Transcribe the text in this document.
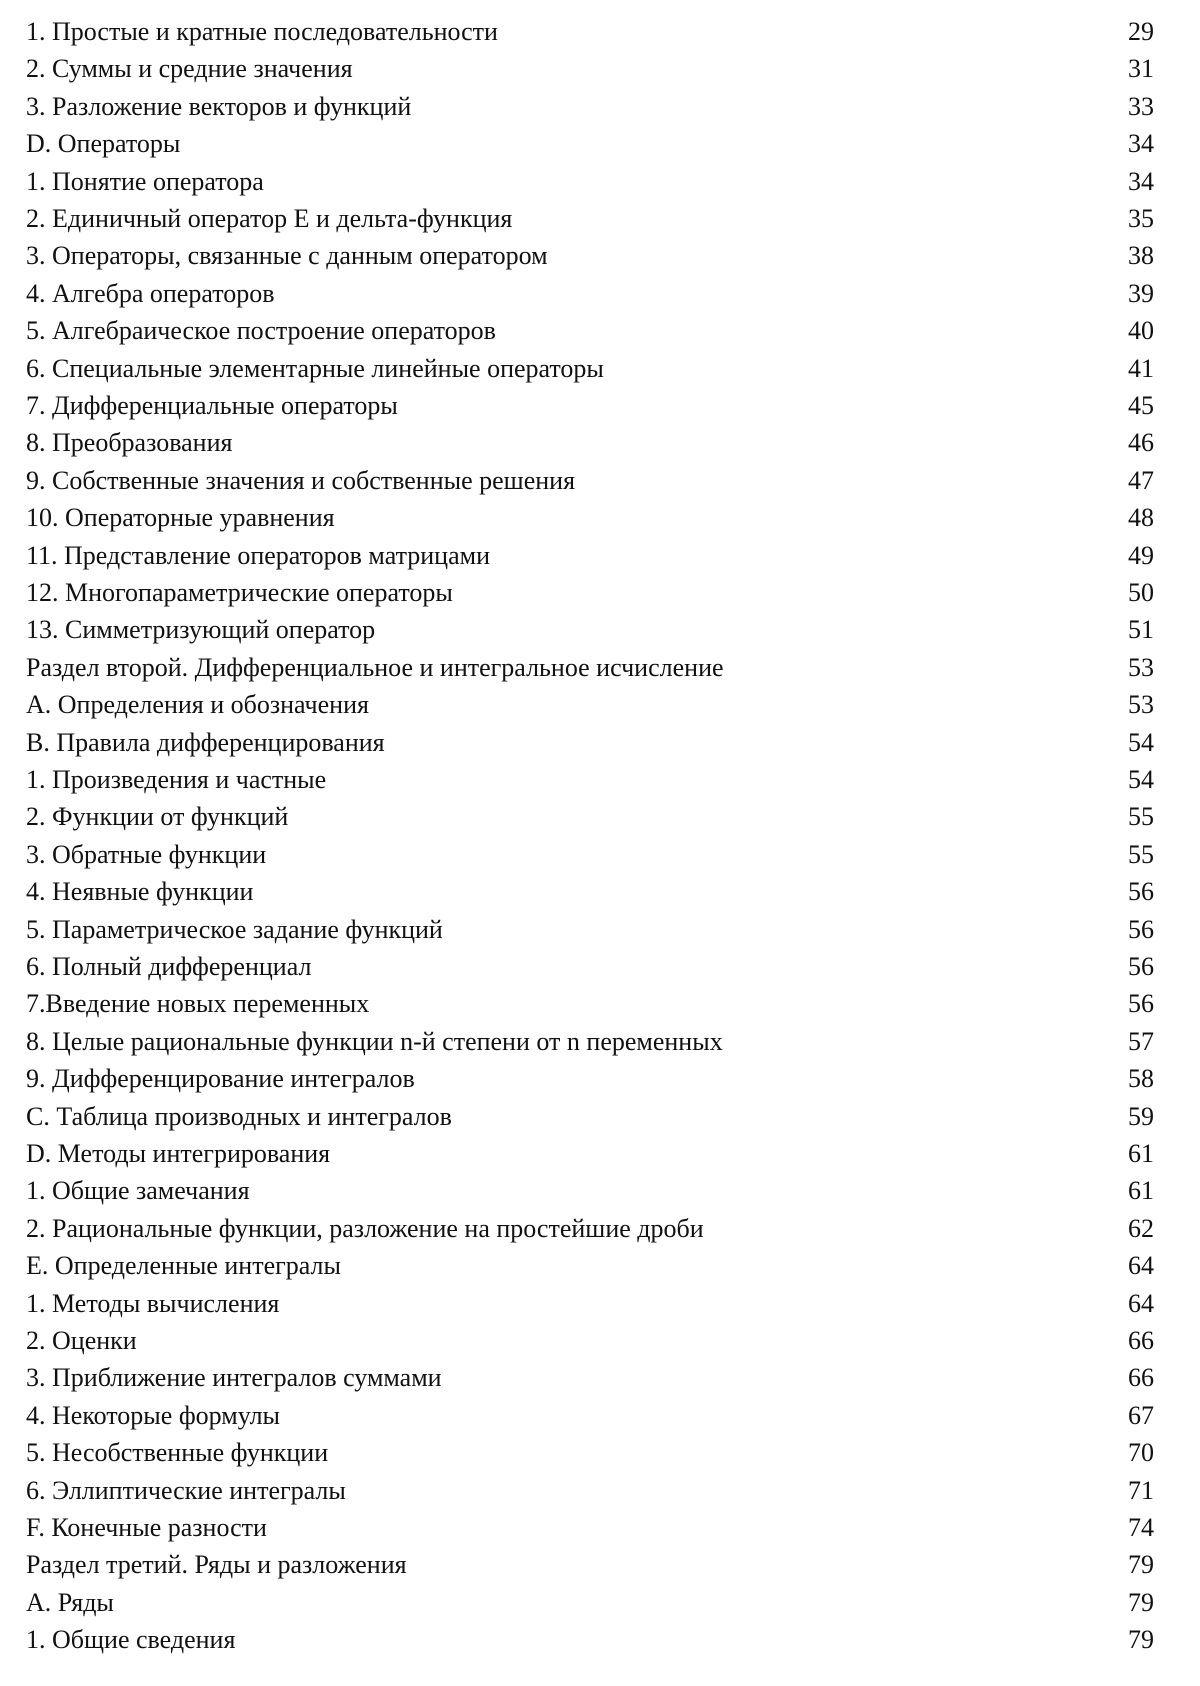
1. Простые и кратные последовательности	29
2. Суммы и средние значения	31
3. Разложение векторов и функций	33
D. Операторы	34
1. Понятие оператора	34
2. Единичный оператор E и дельта-функция	35
3. Операторы, связанные с данным оператором	38
4. Алгебра операторов	39
5. Алгебраическое построение операторов	40
6. Специальные элементарные линейные операторы	41
7. Дифференциальные операторы	45
8. Преобразования	46
9. Собственные значения и собственные решения	47
10. Операторные уравнения	48
11. Представление операторов матрицами	49
12. Многопараметрические операторы	50
13. Симметризующий оператор	51
Раздел второй. Дифференциальное и интегральное исчисление	53
A. Определения и обозначения	53
B. Правила дифференцирования	54
1. Произведения и частные	54
2. Функции от функций	55
3. Обратные функции	55
4. Неявные функции	56
5. Параметрическое задание функций	56
6. Полный дифференциал	56
7.Введение новых переменных	56
8. Целые рациональные функции n-й степени от n переменных	57
9. Дифференцирование интегралов	58
C. Таблица производных и интегралов	59
D. Методы интегрирования	61
1. Общие замечания	61
2. Рациональные функции, разложение на простейшие дроби	62
E. Определенные интегралы	64
1. Методы вычисления	64
2. Оценки	66
3. Приближение интегралов суммами	66
4. Некоторые формулы	67
5. Несобственные функции	70
6. Эллиптические интегралы	71
F. Конечные разности	74
Раздел третий. Ряды и разложения	79
A. Ряды	79
1. Общие сведения	79
